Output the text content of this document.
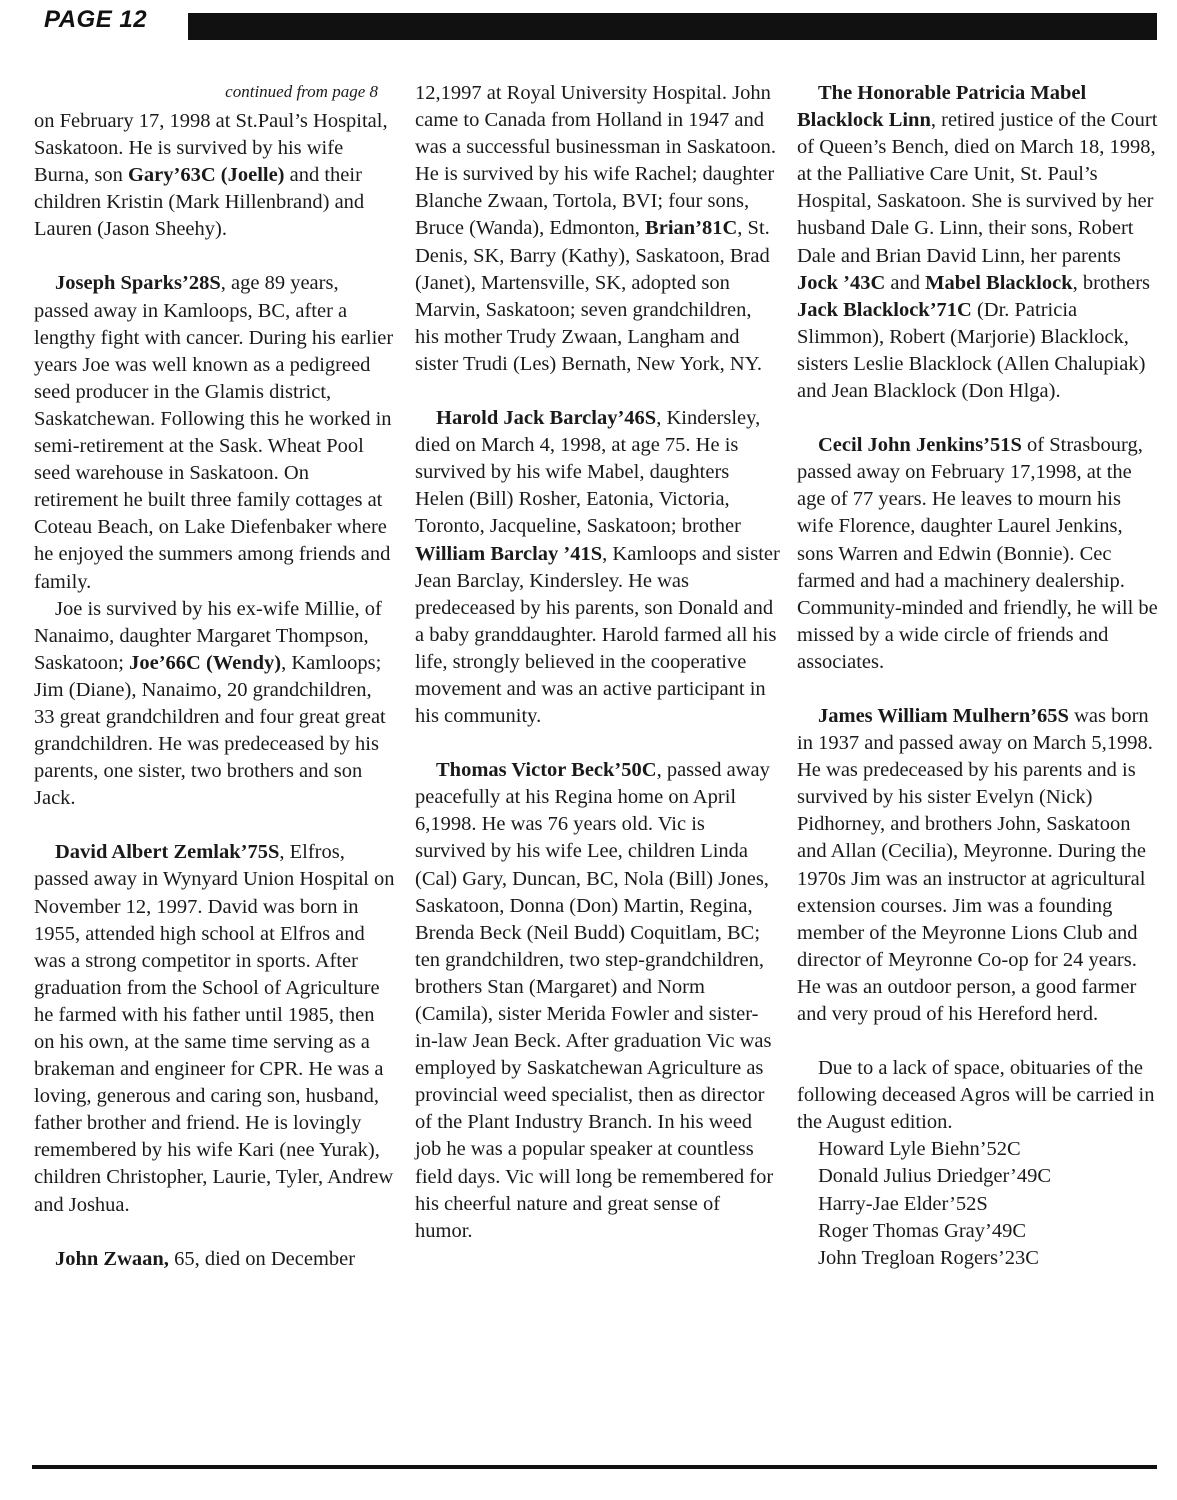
PAGE 12

continued from page 8

on February 17, 1998 at St.Paul’s Hospital, Saskatoon. He is survived by his wife Burna, son Gary’63C (Joelle) and their children Kristin (Mark Hillenbrand) and Lauren (Jason Sheehy).

Joseph Sparks’28S, age 89 years, passed away in Kamloops, BC, after a lengthy fight with cancer. During his earlier years Joe was well known as a pedigreed seed producer in the Glamis district, Saskatchewan. Following this he worked in semi-retirement at the Sask. Wheat Pool seed warehouse in Saskatoon. On retirement he built three family cottages at Coteau Beach, on Lake Diefenbaker where he enjoyed the summers among friends and family.

Joe is survived by his ex-wife Millie, of Nanaimo, daughter Margaret Thompson, Saskatoon; Joe’66C (Wendy), Kamloops; Jim (Diane), Nanaimo, 20 grandchildren, 33 great grandchildren and four great great grandchildren. He was predeceased by his parents, one sister, two brothers and son Jack.

David Albert Zemlak’75S, Elfros, passed away in Wynyard Union Hospital on November 12, 1997. David was born in 1955, attended high school at Elfros and was a strong competitor in sports. After graduation from the School of Agriculture he farmed with his father until 1985, then on his own, at the same time serving as a brakeman and engineer for CPR. He was a loving, generous and caring son, husband, father brother and friend. He is lovingly remembered by his wife Kari (nee Yurak), children Christopher, Laurie, Tyler, Andrew and Joshua.

John Zwaan, 65, died on December

12,1997 at Royal University Hospital. John came to Canada from Holland in 1947 and was a successful businessman in Saskatoon. He is survived by his wife Rachel; daughter Blanche Zwaan, Tortola, BVI; four sons, Bruce (Wanda), Edmonton, Brian’81C, St. Denis, SK, Barry (Kathy), Saskatoon, Brad (Janet), Martensville, SK, adopted son Marvin, Saskatoon; seven grandchildren, his mother Trudy Zwaan, Langham and sister Trudi (Les) Bernath, New York, NY.

Harold Jack Barclay’46S, Kindersley, died on March 4, 1998, at age 75. He is survived by his wife Mabel, daughters Helen (Bill) Rosher, Eatonia, Victoria, Toronto, Jacqueline, Saskatoon; brother William Barclay ’41S, Kamloops and sister Jean Barclay, Kindersley. He was predeceased by his parents, son Donald and a baby granddaughter. Harold farmed all his life, strongly believed in the cooperative movement and was an active participant in his community.

Thomas Victor Beck’50C, passed away peacefully at his Regina home on April 6,1998. He was 76 years old. Vic is survived by his wife Lee, children Linda (Cal) Gary, Duncan, BC, Nola (Bill) Jones, Saskatoon, Donna (Don) Martin, Regina, Brenda Beck (Neil Budd) Coquitlam, BC; ten grandchildren, two step-grandchildren, brothers Stan (Margaret) and Norm (Camila), sister Merida Fowler and sister-in-law Jean Beck. After graduation Vic was employed by Saskatchewan Agriculture as provincial weed specialist, then as director of the Plant Industry Branch. In his weed job he was a popular speaker at countless field days. Vic will long be remembered for his cheerful nature and great sense of humor.

The Honorable Patricia Mabel Blacklock Linn, retired justice of the Court of Queen’s Bench, died on March 18, 1998, at the Palliative Care Unit, St. Paul’s Hospital, Saskatoon. She is survived by her husband Dale G. Linn, their sons, Robert Dale and Brian David Linn, her parents Jock ’43C and Mabel Blacklock, brothers Jack Blacklock’71C (Dr. Patricia Slimmon), Robert (Marjorie) Blacklock, sisters Leslie Blacklock (Allen Chalupiak) and Jean Blacklock (Don Hlga).

Cecil John Jenkins’51S of Strasbourg, passed away on February 17,1998, at the age of 77 years. He leaves to mourn his wife Florence, daughter Laurel Jenkins, sons Warren and Edwin (Bonnie). Cec farmed and had a machinery dealership. Community-minded and friendly, he will be missed by a wide circle of friends and associates.

James William Mulhern’65S was born in 1937 and passed away on March 5,1998. He was predeceased by his parents and is survived by his sister Evelyn (Nick) Pidhorney, and brothers John, Saskatoon and Allan (Cecilia), Meyronne. During the 1970s Jim was an instructor at agricultural extension courses. Jim was a founding member of the Meyronne Lions Club and director of Meyronne Co-op for 24 years. He was an outdoor person, a good farmer and very proud of his Hereford herd.

Due to a lack of space, obituaries of the following deceased Agros will be carried in the August edition.

Howard Lyle Biehn’52C
Donald Julius Driedger’49C
Harry-Jae Elder’52S
Roger Thomas Gray’49C
John Tregloan Rogers’23C
